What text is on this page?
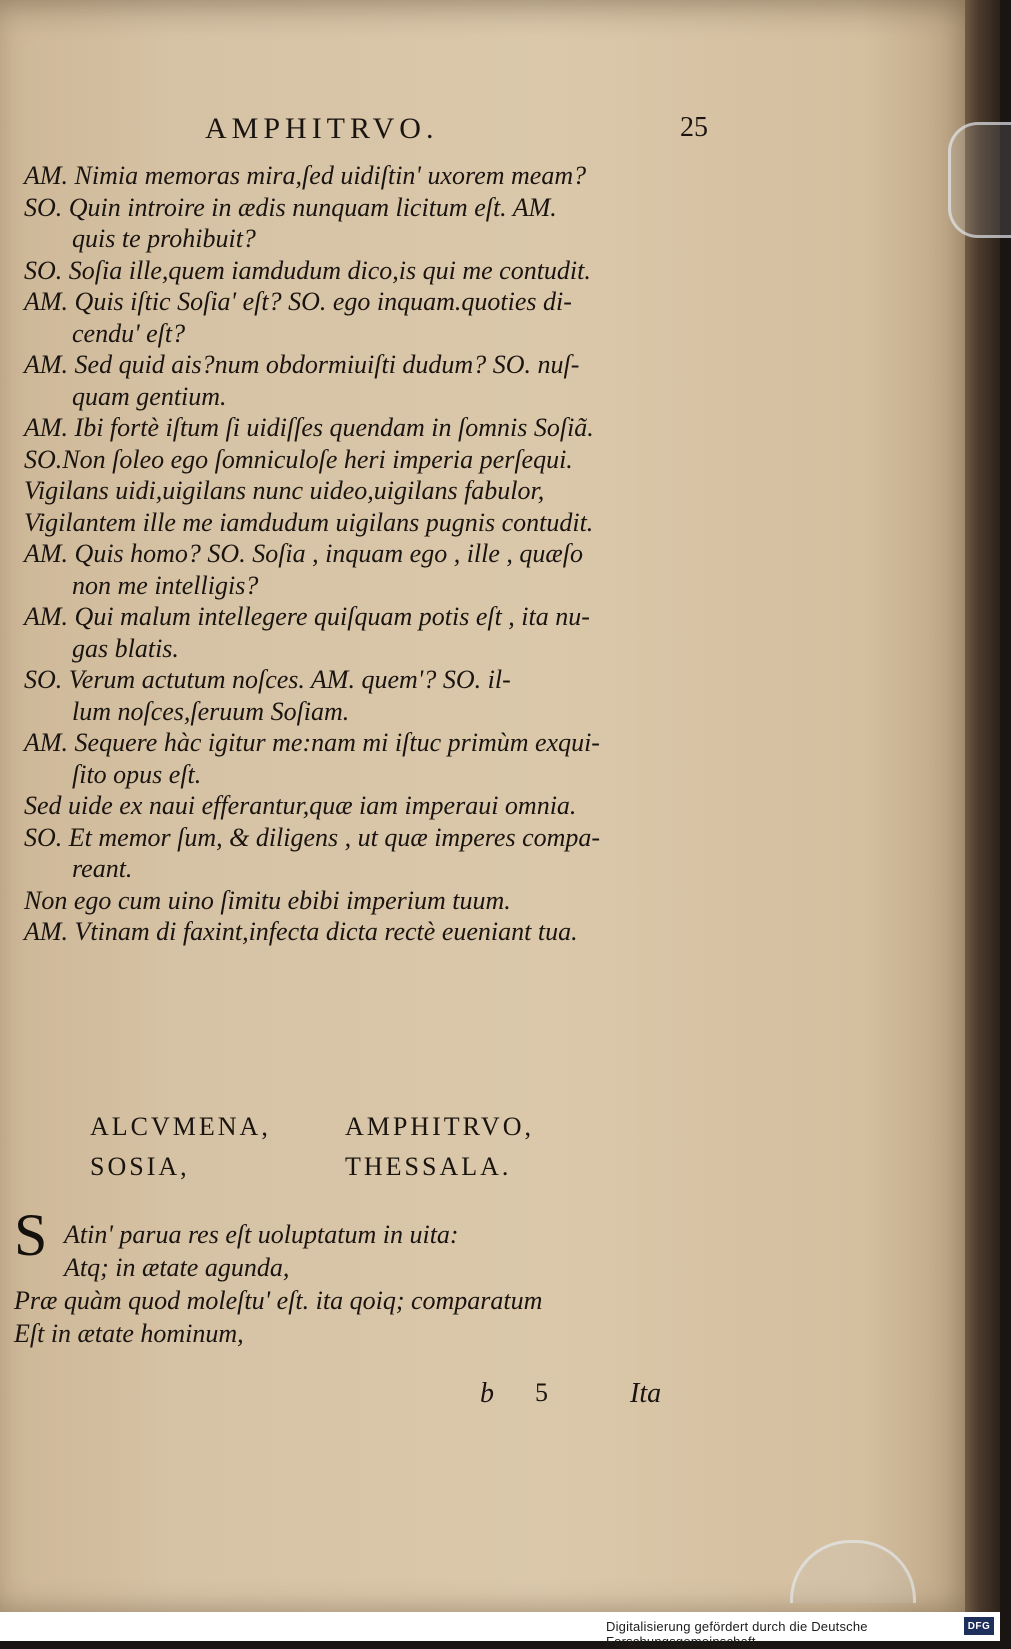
AMPHITRVO.	25
AM. Nimia memoras mira,ſed uidiſtin' uxorem meam?
SO. Quin introire in ædis nunquam licitum eſt. AM.
quis te prohibuit?
SO. Soſia ille,quem iamdudum dico,is qui me contudit.
AM. Quis iſtic Soſia' eſt? SO. ego inquam.quoties di-
cendu' eſt?
AM. Sed quid ais?num obdormiuiſti dudum? SO. nuſ-
quam gentium.
AM. Ibi fortè iſtum ſi uidiſſes quendam in ſomnis Soſiã.
SO.Non ſoleo ego ſomniculoſe heri imperia perſequi.
Vigilans uidi,uigilans nunc uideo,uigilans fabulor,
Vigilantem ille me iamdudum uigilans pugnis contudit.
AM. Quis homo? SO. Soſia , inquam ego , ille , quæſo
non me intelligis?
AM. Qui malum intellegere quiſquam potis eſt , ita nu-
gas blatis.
SO. Verum actutum noſces. AM. quem'? SO. il-
lum noſces,ſeruum Soſiam.
AM. Sequere hàc igitur me:nam mi iſtuc primùm exqui-
ſito opus eſt.
Sed uide ex naui efferantur,quæ iam imperaui omnia.
SO. Et memor ſum, & diligens , ut quæ imperes compa-
reant.
Non ego cum uino ſimitu ebibi imperium tuum.
AM. Vtinam di faxint,infecta dicta rectè eueniant tua.
ALCVMENA,	AMPHITRVO,
SOSIA,	THESSALA.
S Atin' parua res eſt uoluptatum in uita:
Atq; in ætate agunda,
Præ quàm quod moleſtu' eſt. ita qoiq; comparatum
Eſt in ætate hominum,
b 5	Ita
Digitalisierung gefördert durch die Deutsche Forschungsgemeinschaft ·
DFG
